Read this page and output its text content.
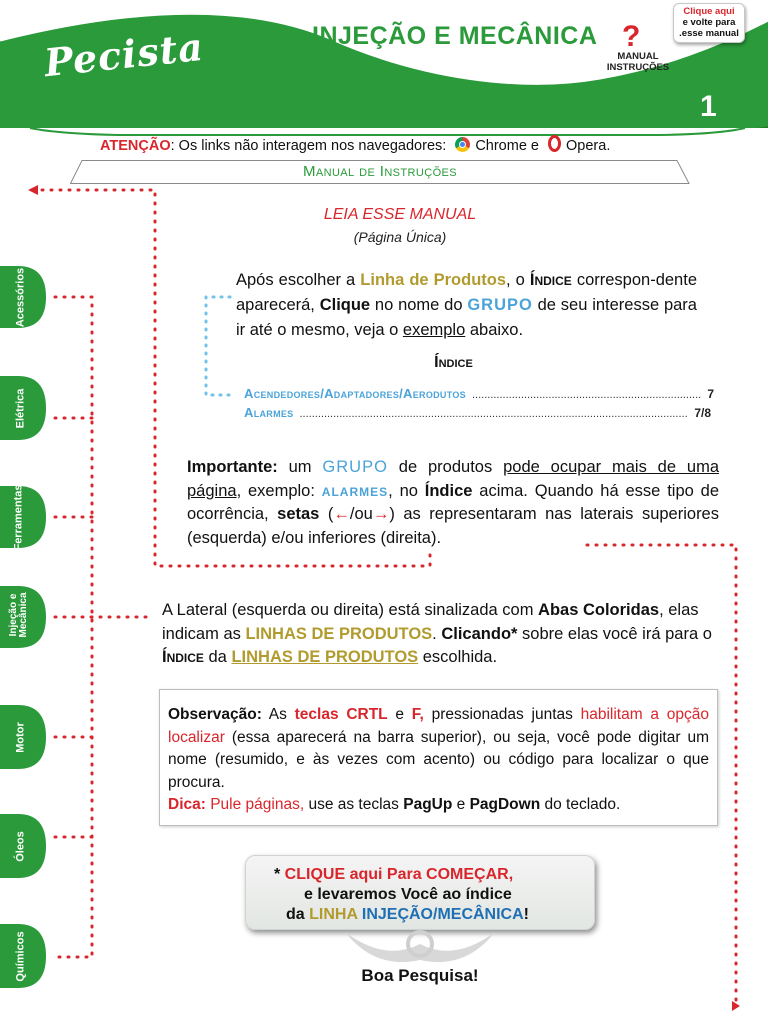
Pecista	INJEÇÃO E MECÂNICA ?
MANUAL
INSTRUÇÕES
Clique aqui
e volte para
.esse manual
1
ATENÇÃO: Os links não interagem nos navegadores: Chrome e Opera.
Manual de Instruções
LEIA ESSE MANUAL
(Página Única)
Após escolher a Linha de Produtos, o Índice correspon-dente aparecerá, Clique no nome do GRUPO de seu interesse para ir até o mesmo, veja o exemplo abaixo.
Índice
Acendedores/Adaptadores/Aerodutos .....	7
Alarmes .....	7/8
Importante: um GRUPO de produtos pode ocupar mais de uma página, exemplo: alarmes, no Índice acima. Quando há esse tipo de ocorrência, setas (←/ou→) as representaram nas laterais superiores (esquerda) e/ou inferiores (direita).
A Lateral (esquerda ou direita) está sinalizada com Abas Coloridas, elas indicam as LINHAS DE PRODUTOS. Clicando* sobre elas você irá para o Índice da LINHAS DE PRODUTOS escolhida.
Observação: As teclas CRTL e F, pressionadas juntas habilitam a opção localizar (essa aparecerá na barra superior), ou seja, você pode digitar um nome (resumido, e às vezes com acento) ou código para localizar o que procura.
Dica: Pule páginas, use as teclas PagUp e PagDown do teclado.
* CLIQUE aqui Para COMEÇAR,
e levaremos Você ao índice
da LINHA INJEÇÃO/MECÂNICA!
Boa Pesquisa!
Acessórios
Elétrica
Ferramentas
Injeção e Mecânica
Motor
Óleos
Químicos
